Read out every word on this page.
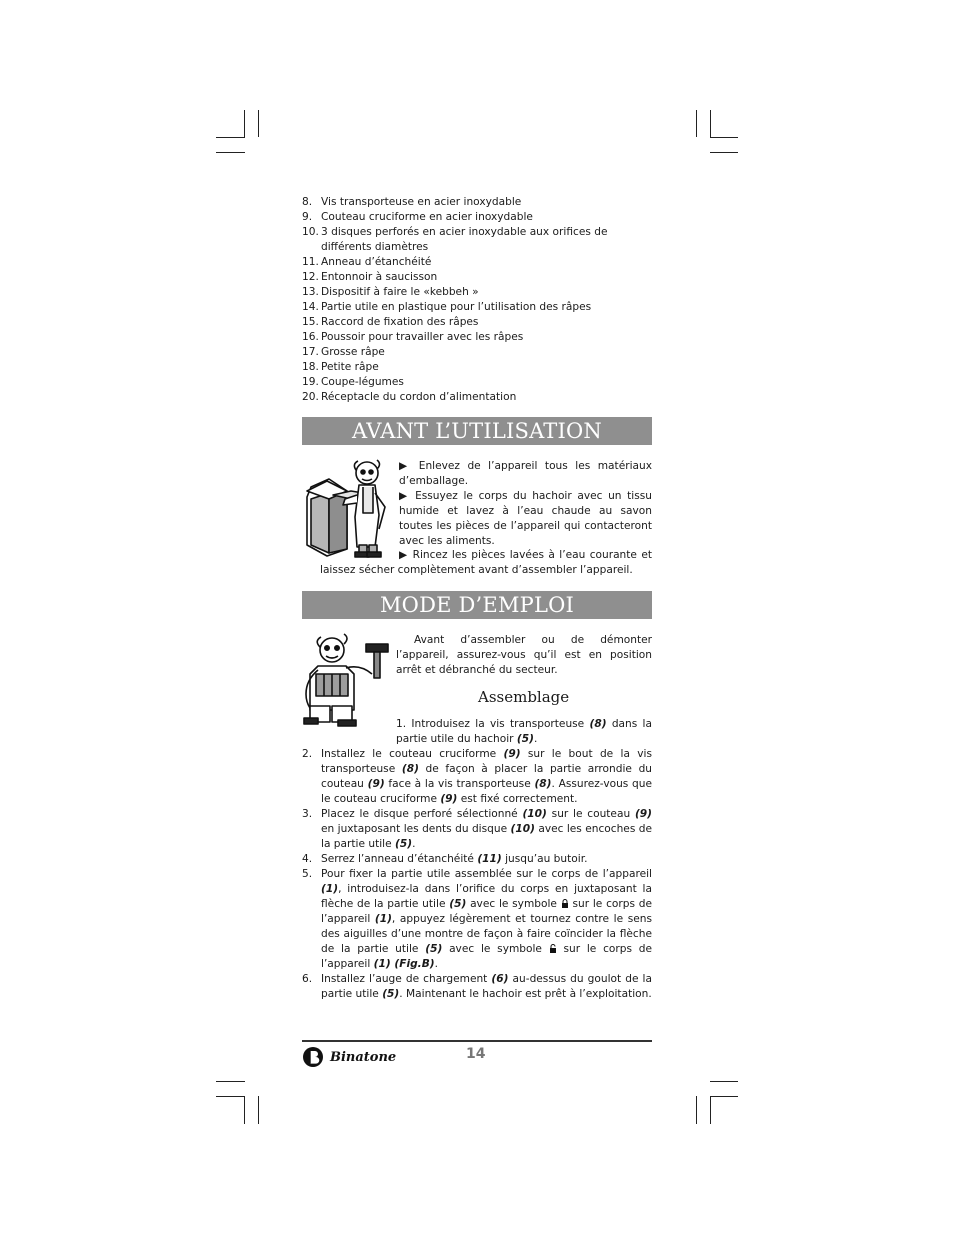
8. Vis transporteuse en acier inoxydable
9. Couteau cruciforme en acier inoxydable
10. 3 disques perforés en acier inoxydable aux orifices de différents diamètres
11. Anneau d’étanchéité
12. Entonnoir à saucisson
13. Dispositif à faire le «kebbeh »
14. Partie utile en plastique pour l’utilisation des râpes
15. Raccord de fixation des râpes
16. Poussoir pour travailler avec les râpes
17. Grosse râpe
18. Petite râpe
19. Coupe-légumes
20. Réceptacle du cordon d’alimentation
AVANT L’UTILISATION
▶ Enlevez de l’appareil tous les matériaux d’emballage.
▶ Essuyez le corps du hachoir avec un tissu humide et lavez à l’eau chaude au savon toutes les pièces de l’appareil qui contacteront avec les aliments.
▶ Rincez les pièces lavées à l’eau courante et laissez sécher complètement avant d’assembler l’appareil.
MODE D’EMPLOI
Avant d’assembler ou de démonter l’appareil, assurez-vous qu’il est en position arrêt et débranché du secteur.
Assemblage
1. Introduisez la vis transporteuse (8) dans la partie utile du hachoir (5).
2. Installez le couteau cruciforme (9) sur le bout de la vis transporteuse (8) de façon à placer la partie arrondie du couteau (9) face à la vis transporteuse (8). Assurez-vous que le couteau cruciforme (9) est fixé correctement.
3. Placez le disque perforé sélectionné (10) sur le couteau (9) en juxtaposant les dents du disque (10) avec les encoches de la partie utile (5).
4. Serrez l’anneau d’étanchéité (11) jusqu’au butoir.
5. Pour fixer la partie utile assemblée sur le corps de l’appareil (1), introduisez-la dans l’orifice du corps en juxtaposant la flèche de la partie utile (5) avec le symbole  sur le corps de l’appareil (1), appuyez légèrement et tournez contre le sens des aiguilles d’une montre de façon à faire coïncider la flèche de la partie utile (5) avec le symbole  sur le corps de l’appareil (1) (Fig.B).
6. Installez l’auge de chargement (6) au-dessus du goulot de la partie utile (5). Maintenant le hachoir est prêt à l’exploitation.
Binatone	14
